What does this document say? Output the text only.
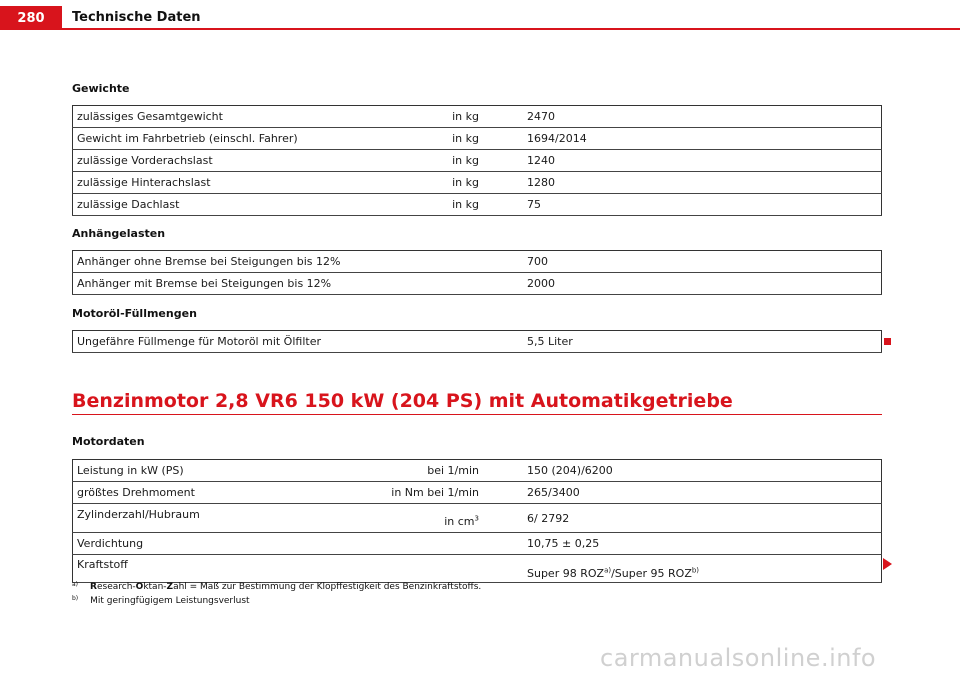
280	Technische Daten
Gewichte
zulässiges Gesamtgewicht	in kg	2470
Gewicht im Fahrbetrieb (einschl. Fahrer)	in kg	1694/2014
zulässige Vorderachslast	in kg	1240
zulässige Hinterachslast	in kg	1280
zulässige Dachlast	in kg	75
Anhängelasten
Anhänger ohne Bremse bei Steigungen bis 12%	700
Anhänger mit Bremse bei Steigungen bis 12%	2000
Motoröl-Füllmengen
Ungefähre Füllmenge für Motoröl mit Ölfilter	5,5 Liter
Benzinmotor 2,8 VR6 150 kW (204 PS) mit Automatikgetriebe
Motordaten
Leistung in kW (PS)	bei 1/min	150 (204)/6200
größtes Drehmoment	in Nm bei 1/min	265/3400
Zylinderzahl/Hubraum	in $cm^3$	6/ 2792
Verdichtung		10,75 ± 0,25
Kraftstoff		Super 98 ROZ$^{a)}$/Super 95 ROZ$^{b)}$
$^{a)}$ Research-Oktan-Zahl = Maß zur Bestimmung der Klopffestigkeit des Benzinkraftstoffs.
$^{b)}$ Mit geringfügigem Leistungsverlust
carmanualsonline.info
